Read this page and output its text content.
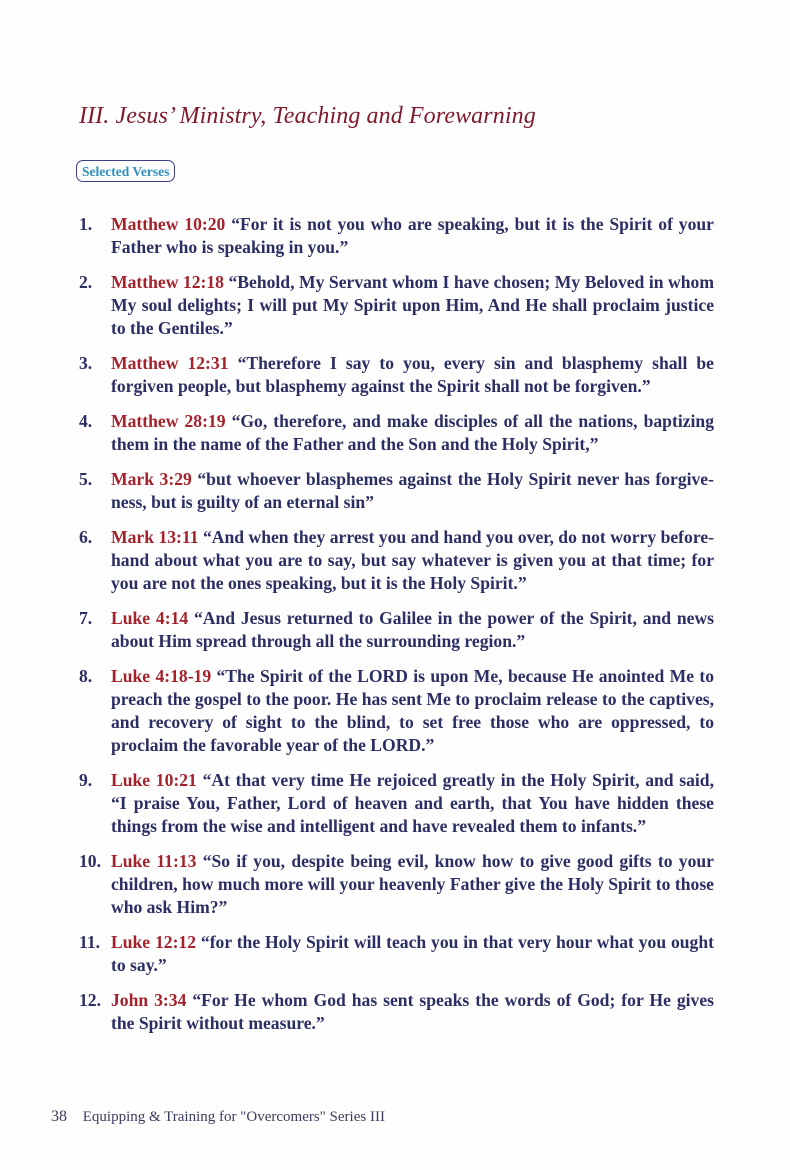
III. Jesus’ Ministry, Teaching and Forewarning
Selected Verses
1.	Matthew 10:20 “For it is not you who are speaking, but it is the Spirit of your Father who is speaking in you.”
2.	Matthew 12:18 “Behold, My Servant whom I have chosen; My Beloved in whom My soul delights; I will put My Spirit upon Him, And He shall proclaim justice to the Gentiles.”
3.	Matthew 12:31 “Therefore I say to you, every sin and blasphemy shall be forgiven people, but blasphemy against the Spirit shall not be forgiven.”
4.	Matthew 28:19 “Go, therefore, and make disciples of all the nations, baptizing them in the name of the Father and the Son and the Holy Spirit,”
5.	Mark 3:29 “but whoever blasphemes against the Holy Spirit never has forgive-ness, but is guilty of an eternal sin”
6.	Mark 13:11 “And when they arrest you and hand you over, do not worry before-hand about what you are to say, but say whatever is given you at that time; for you are not the ones speaking, but it is the Holy Spirit.”
7.	Luke 4:14 “And Jesus returned to Galilee in the power of the Spirit, and news about Him spread through all the surrounding region.”
8.	Luke 4:18-19 “The Spirit of the LORD is upon Me, because He anointed Me to preach the gospel to the poor. He has sent Me to proclaim release to the captives, and recovery of sight to the blind, to set free those who are oppressed, to proclaim the favorable year of the LORD.”
9.	Luke 10:21 “At that very time He rejoiced greatly in the Holy Spirit, and said, “I praise You, Father, Lord of heaven and earth, that You have hidden these things from the wise and intelligent and have revealed them to infants.”
10. Luke 11:13 “So if you, despite being evil, know how to give good gifts to your children, how much more will your heavenly Father give the Holy Spirit to those who ask Him?”
11. Luke 12:12 “for the Holy Spirit will teach you in that very hour what you ought to say.”
12. John 3:34 “For He whom God has sent speaks the words of God; for He gives the Spirit without measure.”
38 Equipping & Training for "Overcomers" Series III
